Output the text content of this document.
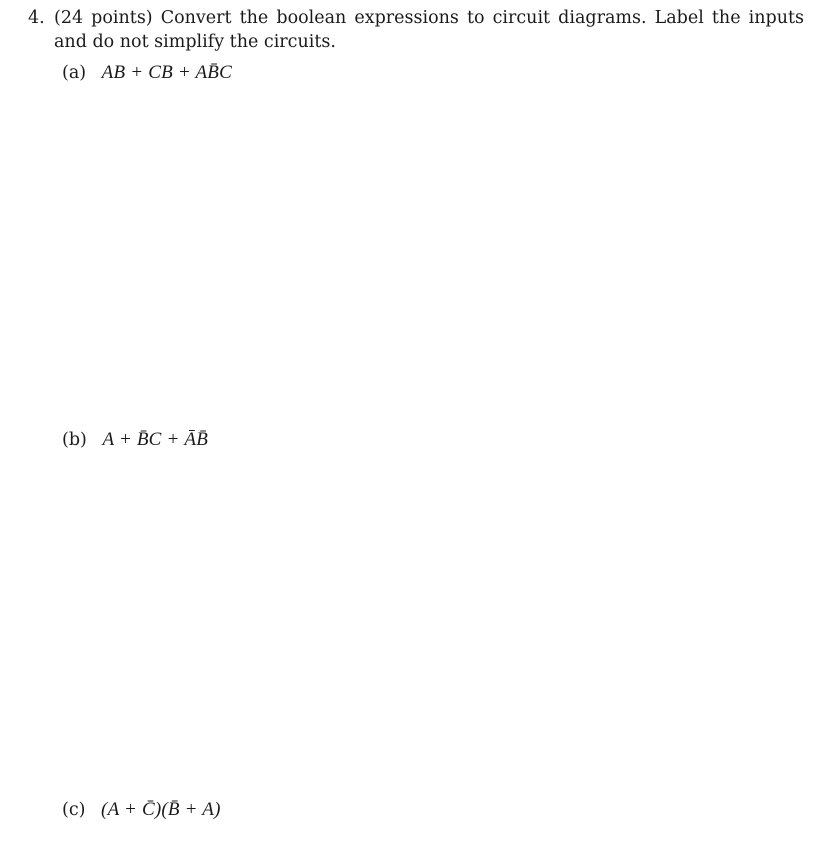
4. (24 points) Convert the boolean expressions to circuit diagrams. Label the inputs and do not simplify the circuits.
(a) AB + CB + AB̄C
(b) A + B̄C + ĀB̄
(c) (A + C̄)(B̄ + A)
